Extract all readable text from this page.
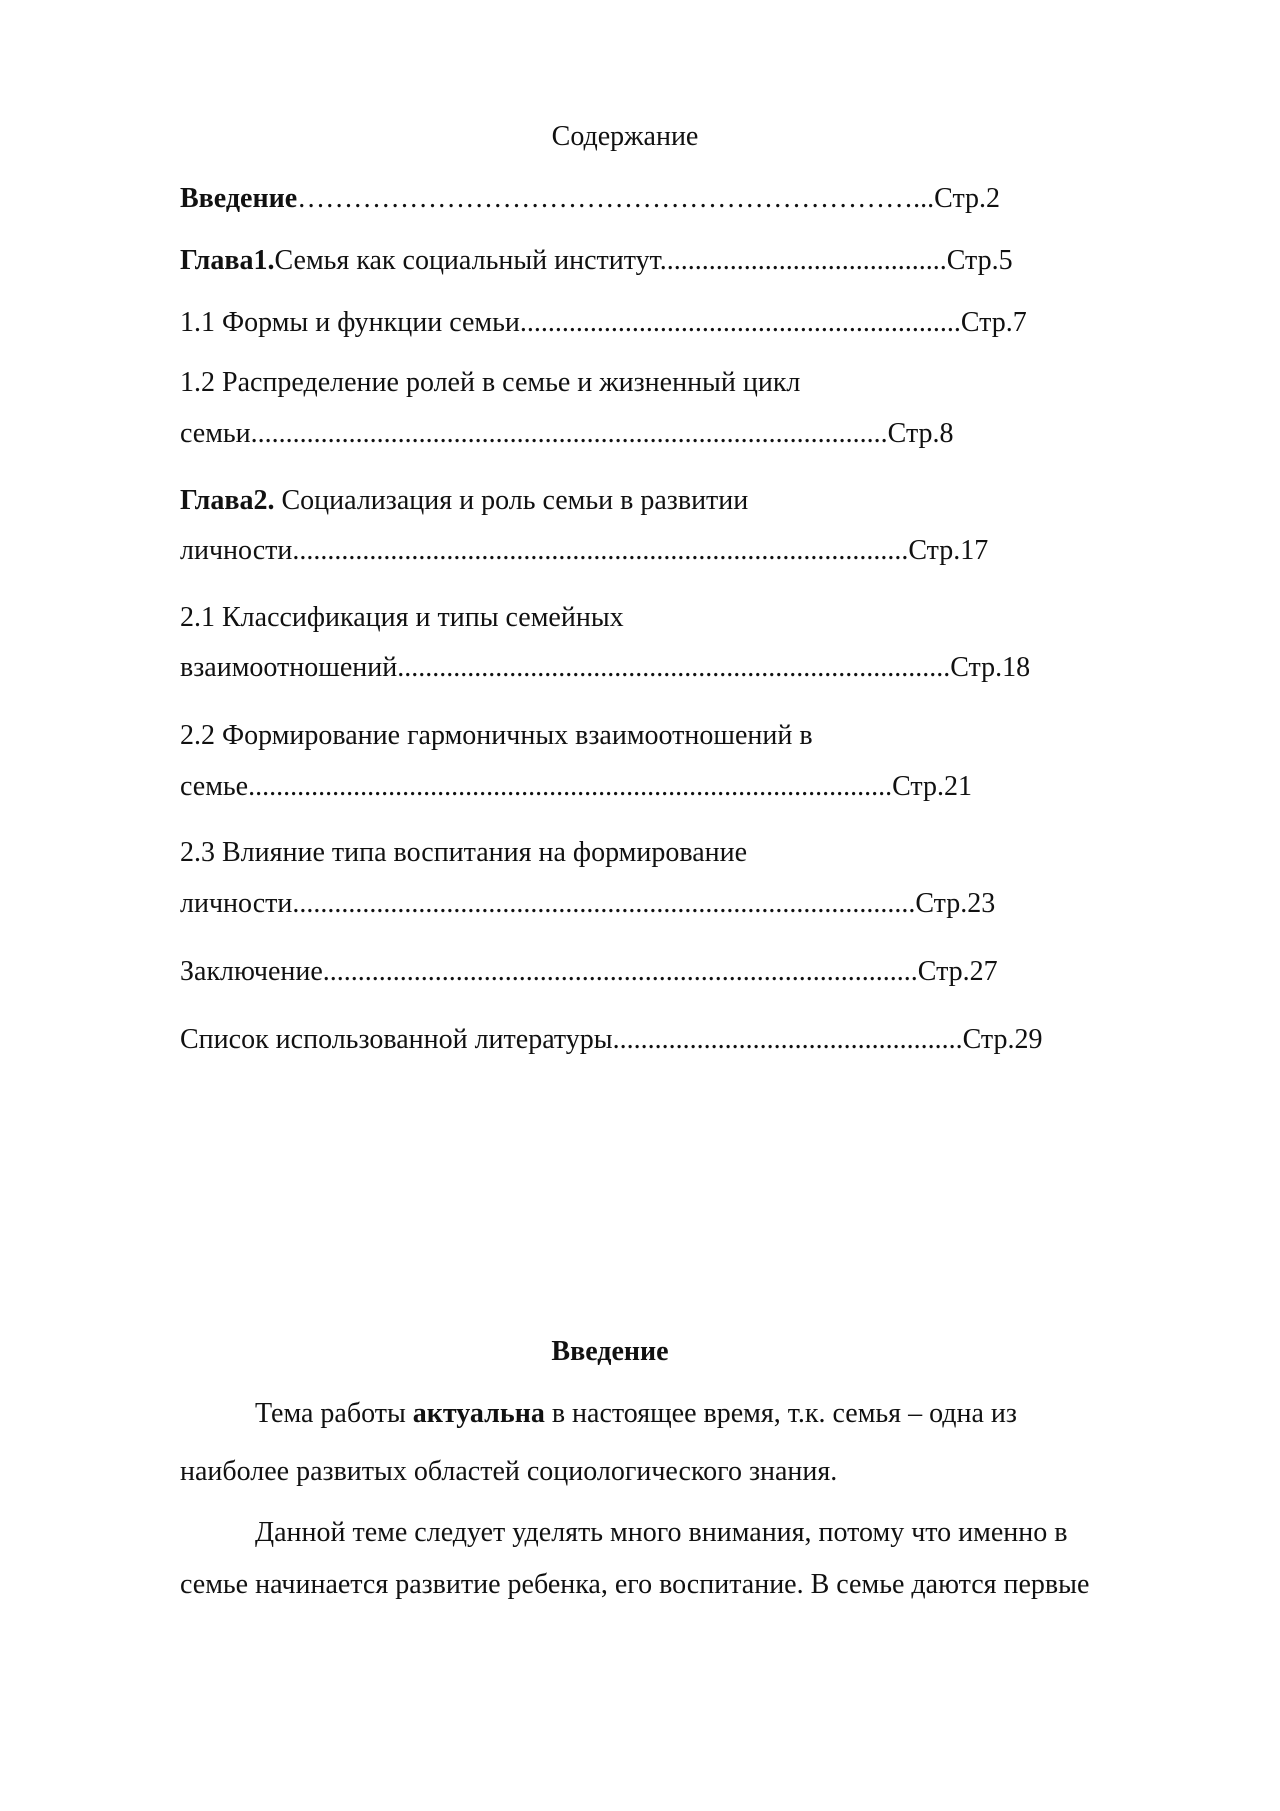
Содержание
Введение…………………………………………………………...Стр.2
Глава1.Семья как социальный институт.........................................Стр.5
1.1 Формы и функции семьи...............................................................Стр.7
1.2 Распределение ролей в семье и жизненный цикл
семьи...........................................................................................Стр.8
Глава2. Социализация и роль семьи в развитии
личности........................................................................................Стр.17
2.1 Классификация и типы семейных
взаимоотношений...............................................................................Стр.18
2.2 Формирование гармоничных взаимоотношений в
семье............................................................................................Стр.21
2.3 Влияние типа воспитания на формирование
личности.........................................................................................Стр.23
Заключение.....................................................................................Стр.27
Список использованной литературы..................................................Стр.29
Введение
Тема работы актуальна в настоящее время, т.к. семья – одна из
наиболее развитых областей социологического знания.
Данной теме следует уделять много внимания, потому что именно в
семье начинается развитие ребенка, его воспитание. В семье даются первые
